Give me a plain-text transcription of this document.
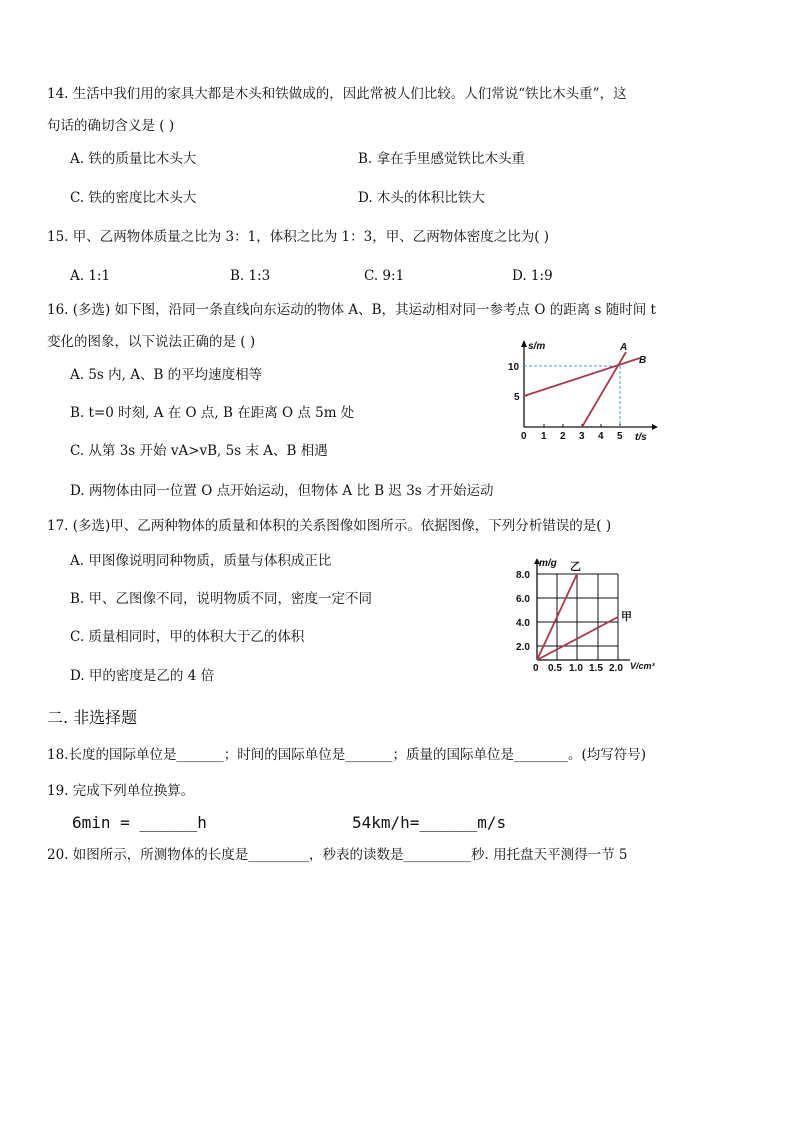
14. 生活中我们用的家具大都是木头和铁做成的，因此常被人们比较。人们常说“铁比木头重”，这
句话的确切含义是 ( )
A. 铁的质量比木头大	B. 拿在手里感觉铁比木头重
C. 铁的密度比木头大	D. 木头的体积比铁大
15. 甲、乙两物体质量之比为 3：1，体积之比为 1：3，甲、乙两物体密度之比为( )
A. 1:1	B. 1:3	C. 9:1	D. 1:9
16. (多选) 如下图，沿同一条直线向东运动的物体 A、B，其运动相对同一参考点 O 的距离 s 随时间 t
变化的图象，以下说法正确的是 ( )
A. 5s 内, A、B 的平均速度相等
B. t=0 时刻, A 在 O 点, B 在距离 O 点 5m 处
C. 从第 3s 开始 vA>vB, 5s 末 A、B 相遇
D. 两物体由同一位置 O 点开始运动，但物体 A 比 B 迟 3s 才开始运动
s/m
10
5
0 1 2 3 4 5 t/s
A
B
17. (多选)甲、乙两种物体的质量和体积的关系图像如图所示。依据图像，下列分析错误的是( )
A. 甲图像说明同种物质，质量与体积成正比
B. 甲、乙图像不同，说明物质不同，密度一定不同
C. 质量相同时，甲的体积大于乙的体积
D. 甲的密度是乙的 4 倍
m/g 乙
甲
8.0
6.0
4.0
2.0
0 0.5 1.0 1.5 2.0 V/cm³
二. 非选择题
18.长度的国际单位是_______；时间的国际单位是_______；质量的国际单位是________。(均写符号)
19. 完成下列单位换算。
6min = ______h	54km/h=______m/s
20. 如图所示，所测物体的长度是_________，秒表的读数是__________秒. 用托盘天平测得一节 5
